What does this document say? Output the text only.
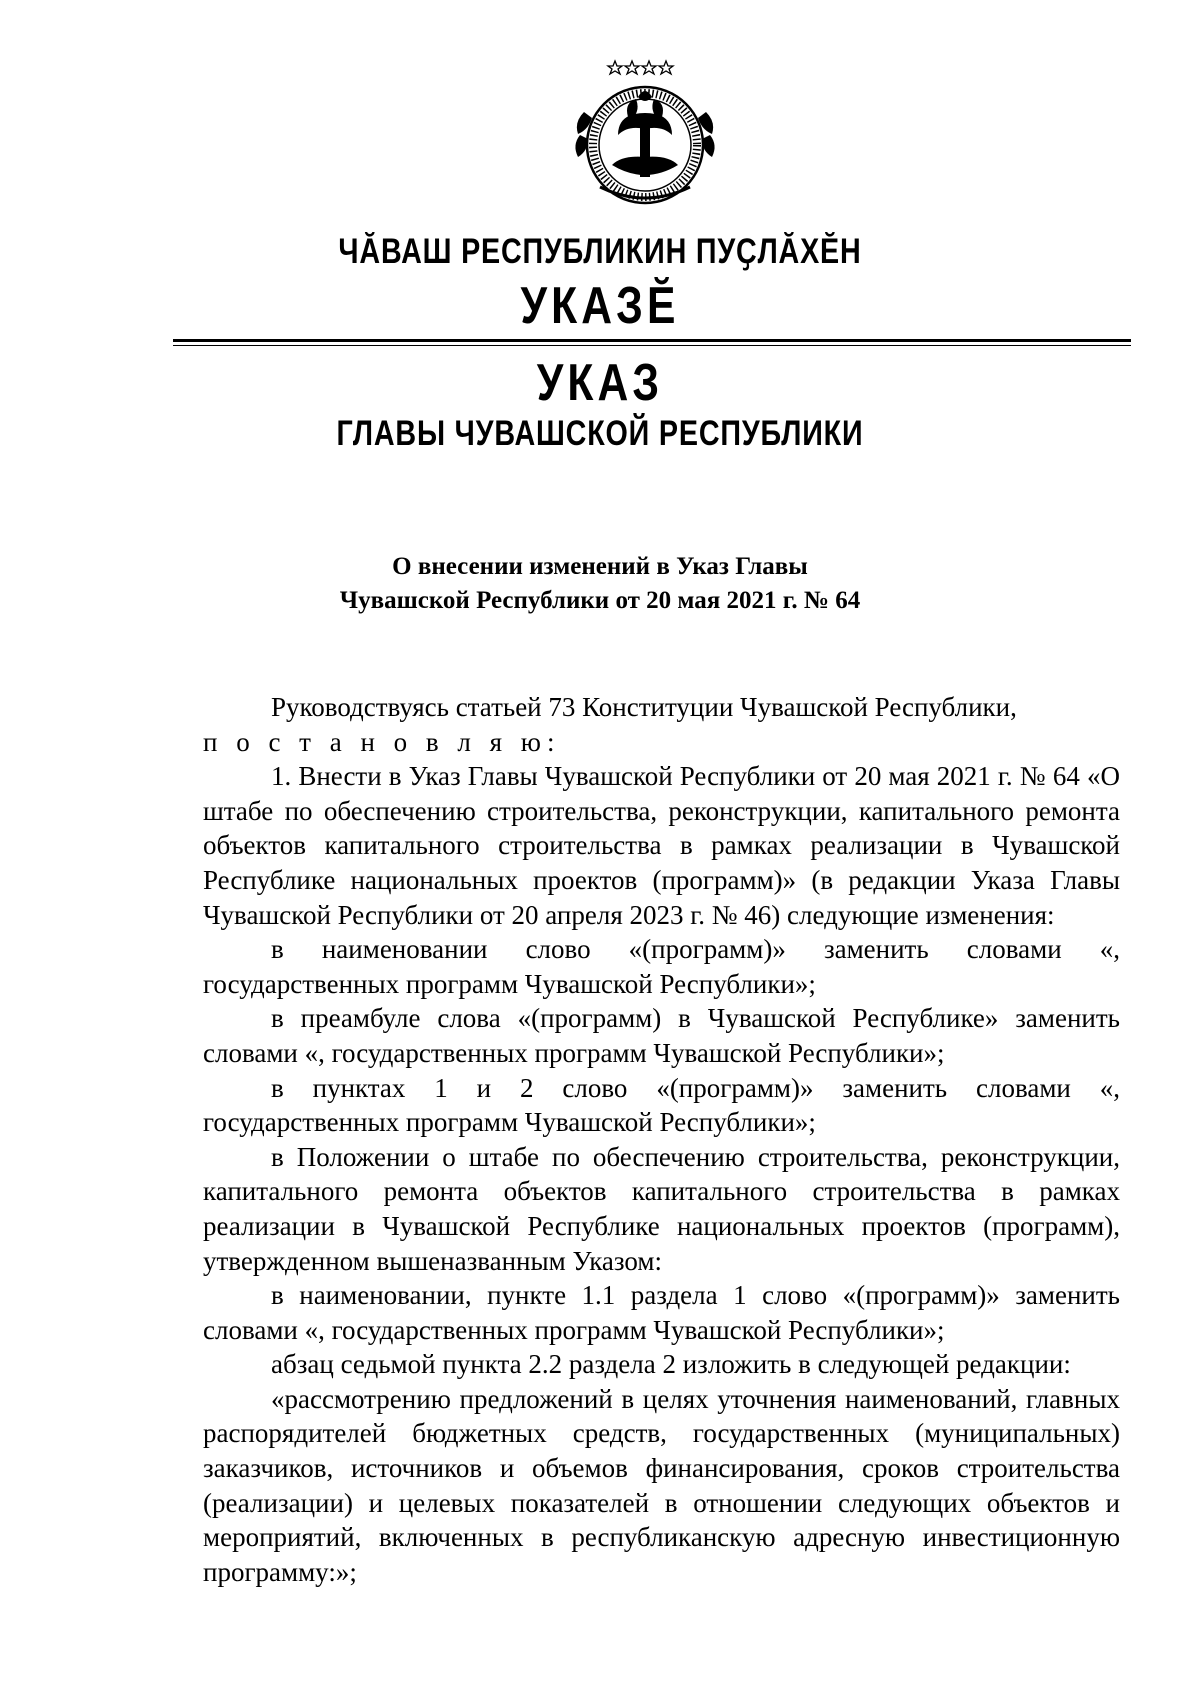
ЧӐВАШ РЕСПУБЛИКИН ПУҪЛӐХӖН
УКАЗӖ
УКАЗ
ГЛАВЫ ЧУВАШСКОЙ РЕСПУБЛИКИ
О внесении изменений в Указ Главы
Чувашской Республики от 20 мая 2021 г. № 64

Руководствуясь статьей 73 Конституции Чувашской Республики,

п о с т а н о в л я ю:

1. Внести в Указ Главы Чувашской Республики от 20 мая 2021 г. № 64 «О штабе по обеспечению строительства, реконструкции, капитального ремонта объектов капитального строительства в рамках реализации в Чувашской Республике национальных проектов (программ)» (в редакции Указа Главы Чувашской Республики от 20 апреля 2023 г. № 46) следующие изменения:

в наименовании слово «(программ)» заменить словами «, государственных программ Чувашской Республики»;

в преамбуле слова «(программ) в Чувашской Республике» заменить словами «, государственных программ Чувашской Республики»;

в пунктах 1 и 2 слово «(программ)» заменить словами «, государственных программ Чувашской Республики»;

в Положении о штабе по обеспечению строительства, реконструкции, капитального ремонта объектов капитального строительства в рамках реализации в Чувашской Республике национальных проектов (программ), утвержденном вышеназванным Указом:

в наименовании, пункте 1.1 раздела 1 слово «(программ)» заменить словами «, государственных программ Чувашской Республики»;

абзац седьмой пункта 2.2 раздела 2 изложить в следующей редакции:

«рассмотрению предложений в целях уточнения наименований, главных распорядителей бюджетных средств, государственных (муниципальных) заказчиков, источников и объемов финансирования, сроков строительства (реализации) и целевых показателей в отношении следующих объектов и мероприятий, включенных в республиканскую адресную инвестиционную программу:»;
